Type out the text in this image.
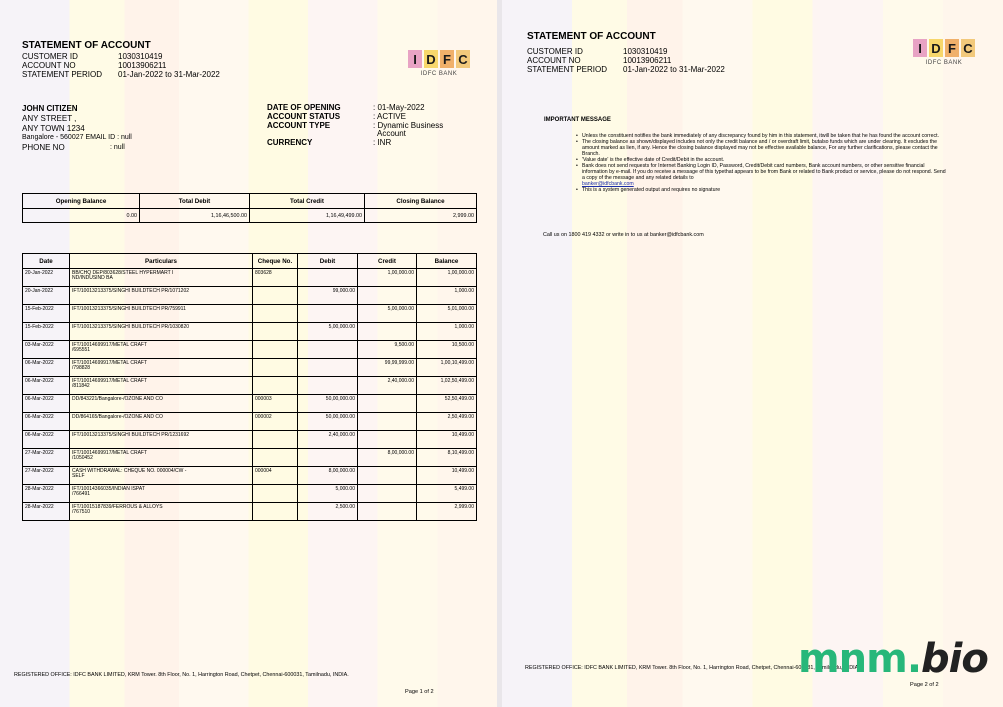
STATEMENT OF ACCOUNT
CUSTOMER ID	1030310419
ACCOUNT NO	10013906211
STATEMENT PERIOD 01-Jan-2022 to 31-Mar-2022
I D F C
IDFC BANK
JOHN CITIZEN
ANY STREET ,
ANY TOWN 1234
Bangalore - 560027 EMAIL ID : null
PHONE NO	: null
DATE OF OPENING	: 01-May-2022
ACCOUNT STATUS	: ACTIVE
ACCOUNT TYPE	: Dynamic Business
Account
CURRENCY	: INR
Opening Balance	Total Debit	Total Credit	Closing Balance
0.00	1,16,46,500.00	1,16,49,499.00	2,999.00
Date	Particulars	Cheque No.	Debit	Credit	Balance
20-Jan-2022	BB/CHQ DEP/803628/STEEL HYPERMART I
ND/INDUSIND BA	803628		1,00,000.00	1,00,000.00
20-Jan-2022	IFT/10013213375/SINGHI BUILDTECH PR/1071202		99,000.00		1,000.00
15-Feb-2022	IFT/10013213375/SINGHI BUILDTECH PR/759911			5,00,000.00	5,01,000.00
15-Feb-2022	IFT/10013213375/SINGHI BUILDTECH PR/1030820		5,00,000.00		1,000.00
03-Mar-2022	IFT/10014699917/METAL CRAFT
/695551			9,500.00	10,500.00
06-Mar-2022	IFT/10014699917/METAL CRAFT
/798828			99,99,999.00	1,00,10,499.00
06-Mar-2022	IFT/10014699917/METAL CRAFT
/811842			2,40,000.00	1,02,50,499.00
06-Mar-2022	DD/843221/Bangalore-/OZONE AND CO	000003	50,00,000.00		52,50,499.00
06-Mar-2022	DD/864165/Bangalore-/OZONE AND CO	000002	50,00,000.00		2,50,499.00
06-Mar-2022	IFT/10013213375/SINGHI BUILDTECH PR/1231692		2,40,000.00		10,499.00
27-Mar-2022	IFT/10014699917/METAL CRAFT
/1050452			8,00,000.00	8,10,499.00
27-Mar-2022	CASH WITHDRAWAL: CHEQUE NO. 000004/CW -
SELF	000004	8,00,000.00		10,499.00
28-Mar-2022	IFT/10014366035/INDIAN ISPAT
/766491		5,000.00		5,499.00
28-Mar-2022	IFT/10015187839/FERROUS & ALLOYS
/767510		2,500.00		2,999.00
REGISTERED OFFICE: IDFC BANK LIMITED, KRM Tower. 8th Floor, No. 1, Harrington Road, Chetpet, Chennai-600031, Tamilnadu, INDIA.
Page 1 of 2
STATEMENT OF ACCOUNT
CUSTOMER ID	1030310419
ACCOUNT NO	10013906211
STATEMENT PERIOD 01-Jan-2022 to 31-Mar-2022
I D F C
IDFC BANK
IMPORTANT MESSAGE
• Unless the constituent notifies the bank immediately of any discrepancy found by him in this statement, itwill be taken that he has found the account correct.
• The closing balance as shown/displayed includes not only the credit balance and / or overdraft limit, butalso funds which are under clearing. It excludes the amount marked as lien, if any. Hence the closing balance displayed may not be effective available balance, For any further clarifications, please contact the Branch.
• 'Value date' is the effective date of Credit/Debit in the account.
• Bank does not send requests for Internet Banking Login ID, Password, Credit/Debit card numbers, Bank account numbers, or other sensitive financial information by e-mail. If you do receive a message of this typethat appears to be from Bank or related to Bank product or service, please do not respond. Send a copy of the message and any related details to
banker@idfcbank.com
• This is a system generated output and requires no signature
Call us on 1800 419 4332 or write in to us at banker@idfcbank.com
REGISTERED OFFICE: IDFC BANK LIMITED, KRM Tower. 8th Floor, No. 1, Harrington Road, Chetpet, Chennai-600031, Tamilnadu, INDIA.
Page 2 of 2
mnm.bio
